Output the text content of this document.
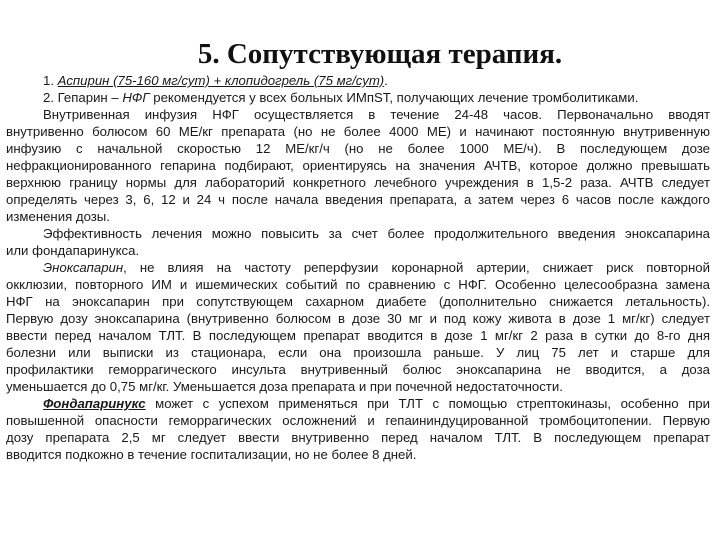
5. Сопутствующая терапия.
1. Аспирин (75-160 мг/сут) + клопидогрель (75 мг/сут).
2. Гепарин – НФГ рекомендуется у всех больных ИМпST, получающих лечение тромболитиками.
Внутривенная инфузия НФГ осуществляется в течение 24-48 часов. Первоначально вводят
внутривенно болюсом 60 МЕ/кг препарата (но не более 4000 МЕ) и начинают постоянную внутривенную
инфузию с начальной скоростью 12 МЕ/кг/ч (но не более 1000 МЕ/ч). В последующем дозе
нефракционированного гепарина подбирают, ориентируясь на значения АЧТВ, которое должно превышать
верхнюю границу нормы для лабораторий конкретного лечебного учреждения в 1,5-2 раза. АЧТВ следует
определять через 3, 6, 12 и 24 ч после начала введения препарата, а затем через 6 часов после каждого
изменения дозы.
Эффективность лечения можно повысить за счет более продолжительного введения эноксапарина
или фондапаринукса.
Эноксапарин, не влияя на частоту реперфузии коронарной артерии, снижает риск повторной
окклюзии, повторного ИМ и ишемических событий по сравнению с НФГ. Особенно целесообразна замена
НФГ на эноксапарин при сопутствующем сахарном диабете (дополнительно снижается летальность).
Первую дозу эноксапарина (внутривенно болюсом в дозе 30 мг и под кожу живота в дозе 1 мг/кг) следует
ввести перед началом ТЛТ. В последующем препарат вводится в дозе 1 мг/кг 2 раза в сутки до 8-го дня
болезни или выписки из стационара, если она произошла раньше. У лиц 75 лет и старше для
профилактики геморрагического инсульта внутривенный болюс эноксапарина не вводится, а доза
уменьшается до 0,75 мг/кг. Уменьшается доза препарата и при почечной недостаточности.
Фондапаринукс может с успехом применяться при ТЛТ с помощью стрептокиназы, особенно при
повышенной опасности геморрагических осложнений и гепаининдуцированной тромбоцитопении. Первую
дозу препарата 2,5 мг следует ввести внутривенно перед началом ТЛТ. В последующем препарат
вводится подкожно в течение госпитализации, но не более 8 дней.
